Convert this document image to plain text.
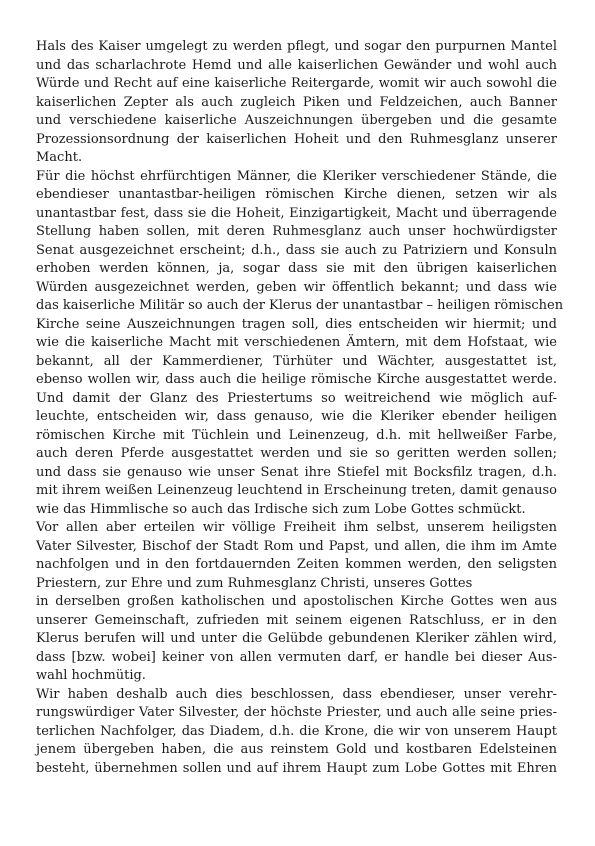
Hals des Kaiser umgelegt zu werden pflegt, und sogar den purpurnen Mantel
und das scharlachrote Hemd und alle kaiserlichen Gewänder und wohl auch
Würde und Recht auf eine kaiserliche Reitergarde, womit wir auch sowohl die
kaiserlichen Zepter als auch zugleich Piken und Feldzeichen, auch Banner
und verschiedene kaiserliche Auszeichnungen übergeben und die gesamte
Prozessionsordnung der kaiserlichen Hoheit und den Ruhmesglanz unserer
Macht.
Für die höchst ehrfürchtigen Männer, die Kleriker verschiedener Stände, die
ebendieser unantastbar-heiligen römischen Kirche dienen, setzen wir als
unantastbar fest, dass sie die Hoheit, Einzigartigkeit, Macht und überragende
Stellung haben sollen, mit deren Ruhmesglanz auch unser hochwürdigster
Senat ausgezeichnet erscheint; d.h., dass sie auch zu Patriziern und Konsuln
erhoben werden können, ja, sogar dass sie mit den übrigen kaiserlichen
Würden ausgezeichnet werden, geben wir öffentlich bekannt; und dass wie
das kaiserliche Militär so auch der Klerus der unantastbar – heiligen römischen
Kirche seine Auszeichnungen tragen soll, dies entscheiden wir hiermit; und
wie die kaiserliche Macht mit verschiedenen Ämtern, mit dem Hofstaat, wie
bekannt, all der Kammerdiener, Türhüter und Wächter, ausgestattet ist,
ebenso wollen wir, dass auch die heilige römische Kirche ausgestattet werde.
Und damit der Glanz des Priestertums so weitreichend wie möglich auf-
leuchte, entscheiden wir, dass genauso, wie die Kleriker ebender heiligen
römischen Kirche mit Tüchlein und Leinenzeug, d.h. mit hellweißer Farbe,
auch deren Pferde ausgestattet werden und sie so geritten werden sollen;
und dass sie genauso wie unser Senat ihre Stiefel mit Bocksfilz tragen, d.h.
mit ihrem weißen Leinenzeug leuchtend in Erscheinung treten, damit genauso
wie das Himmlische so auch das Irdische sich zum Lobe Gottes schmückt.
Vor allen aber erteilen wir völlige Freiheit ihm selbst, unserem heiligsten
Vater Silvester, Bischof der Stadt Rom und Papst, und allen, die ihm im Amte
nachfolgen und in den fortdauernden Zeiten kommen werden, den seligsten
Priestern, zur Ehre und zum Ruhmesglanz Christi, unseres Gottes
in derselben großen katholischen und apostolischen Kirche Gottes wen aus
unserer Gemeinschaft, zufrieden mit seinem eigenen Ratschluss, er in den
Klerus berufen will und unter die Gelübde gebundenen Kleriker zählen wird,
dass [bzw. wobei] keiner von allen vermuten darf, er handle bei dieser Aus-
wahl hochmütig.
Wir haben deshalb auch dies beschlossen, dass ebendieser, unser verehr-
rungswürdiger Vater Silvester, der höchste Priester, und auch alle seine pries-
terlichen Nachfolger, das Diadem, d.h. die Krone, die wir von unserem Haupt
jenem übergeben haben, die aus reinstem Gold und kostbaren Edelsteinen
besteht, übernehmen sollen und auf ihrem Haupt zum Lobe Gottes mit Ehren
